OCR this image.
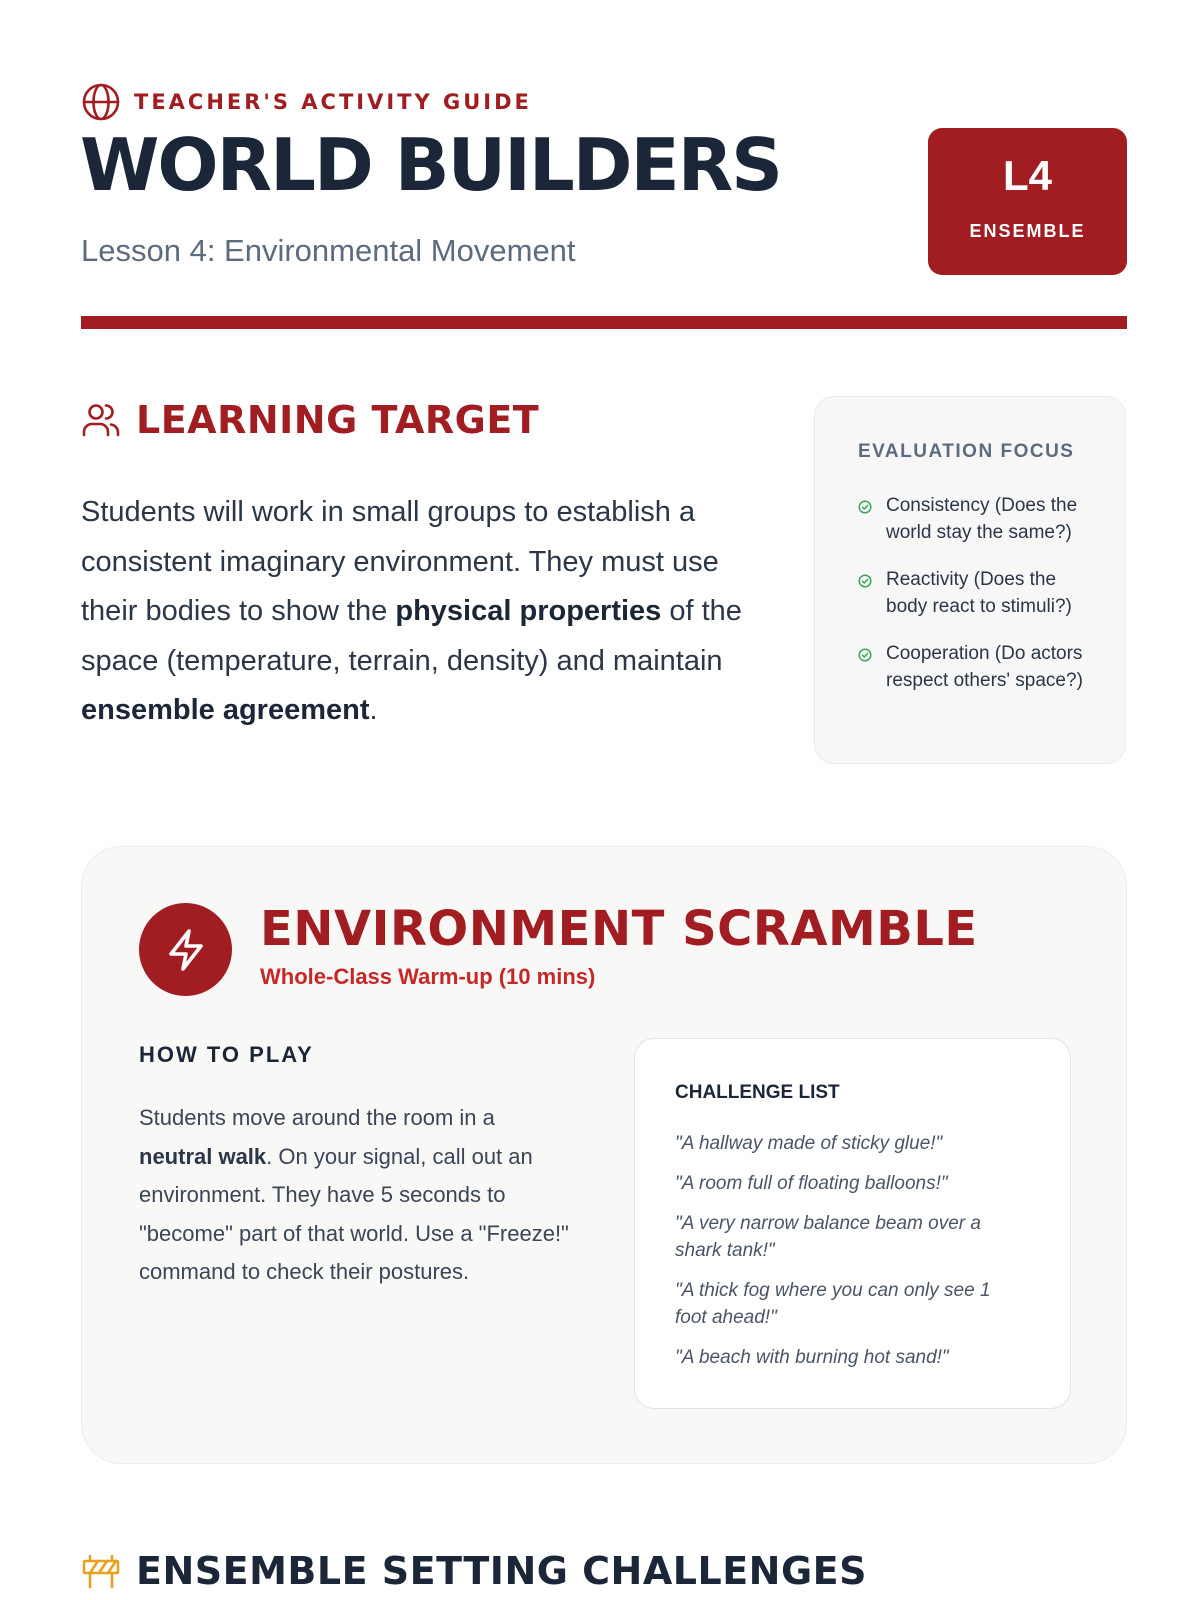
TEACHER'S ACTIVITY GUIDE
WORLD BUILDERS
Lesson 4: Environmental Movement
L4
ENSEMBLE
LEARNING TARGET

Students will work in small groups to establish a consistent imaginary environment. They must use their bodies to show the physical properties of the space (temperature, terrain, density) and maintain ensemble agreement.

EVALUATION FOCUS
Consistency (Does the world stay the same?)
Reactivity (Does the body react to stimuli?)
Cooperation (Do actors respect others' space?)
ENVIRONMENT SCRAMBLE
Whole-Class Warm-up (10 mins)
HOW TO PLAY

Students move around the room in a neutral walk. On your signal, call out an environment. They have 5 seconds to "become" part of that world. Use a "Freeze!" command to check their postures.

CHALLENGE LIST
"A hallway made of sticky glue!"
"A room full of floating balloons!"
"A very narrow balance beam over a shark tank!"
"A thick fog where you can only see 1 foot ahead!"
"A beach with burning hot sand!"
ENSEMBLE SETTING CHALLENGES
